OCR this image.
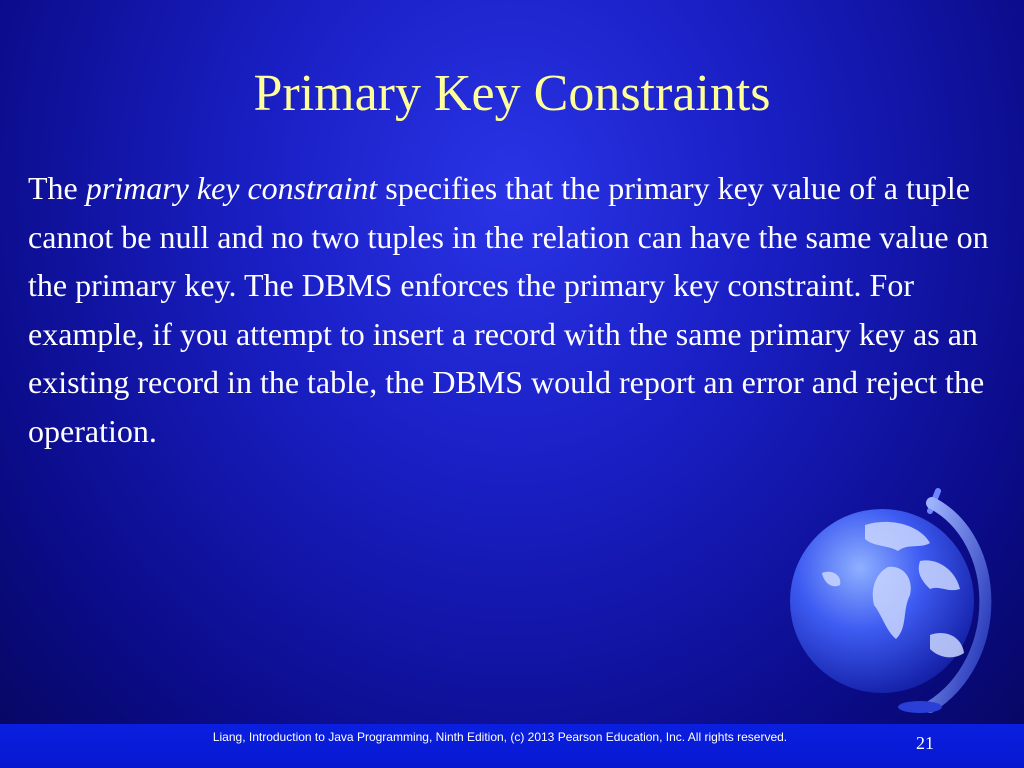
Primary Key Constraints
The primary key constraint specifies that the primary key value of a tuple cannot be null and no two tuples in the relation can have the same value on the primary key. The DBMS enforces the primary key constraint. For example, if you attempt to insert a record with the same primary key as an existing record in the table, the DBMS would report an error and reject the operation.
Liang, Introduction to Java Programming, Ninth Edition, (c) 2013 Pearson Education, Inc. All rights reserved.	21
